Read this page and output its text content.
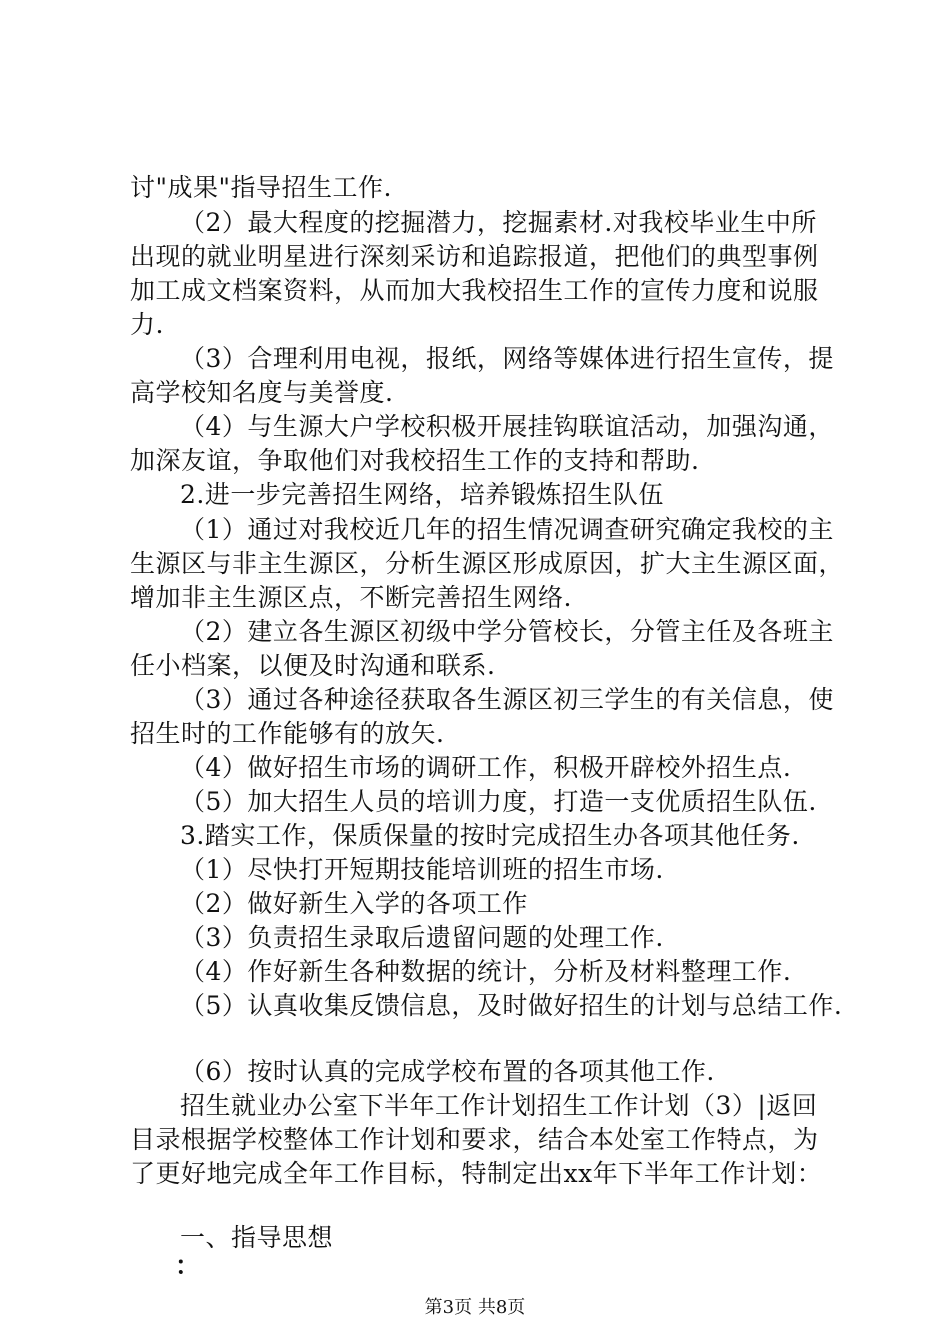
讨"成果"指导招生工作.
（2）最大程度的挖掘潜力，挖掘素材.对我校毕业生中所
出现的就业明星进行深刻采访和追踪报道，把他们的典型事例
加工成文档案资料，从而加大我校招生工作的宣传力度和说服
力.
（3）合理利用电视，报纸，网络等媒体进行招生宣传，提
高学校知名度与美誉度.
（4）与生源大户学校积极开展挂钩联谊活动，加强沟通，
加深友谊，争取他们对我校招生工作的支持和帮助.
2.进一步完善招生网络，培养锻炼招生队伍
（1）通过对我校近几年的招生情况调查研究确定我校的主
生源区与非主生源区，分析生源区形成原因，扩大主生源区面，
增加非主生源区点，不断完善招生网络.
（2）建立各生源区初级中学分管校长，分管主任及各班主
任小档案，以便及时沟通和联系.
（3）通过各种途径获取各生源区初三学生的有关信息，使
招生时的工作能够有的放矢.
（4）做好招生市场的调研工作，积极开辟校外招生点.
（5）加大招生人员的培训力度，打造一支优质招生队伍.
3.踏实工作，保质保量的按时完成招生办各项其他任务.
（1）尽快打开短期技能培训班的招生市场.
（2）做好新生入学的各项工作
（3）负责招生录取后遗留问题的处理工作.
（4）作好新生各种数据的统计，分析及材料整理工作.
（5）认真收集反馈信息，及时做好招生的计划与总结工作.
（6）按时认真的完成学校布置的各项其他工作.
招生就业办公室下半年工作计划招生工作计划（3）|返回
目录根据学校整体工作计划和要求，结合本处室工作特点，为
了更好地完成全年工作目标，特制定出xx年下半年工作计划：
一、指导思想
：
第3页 共8页
